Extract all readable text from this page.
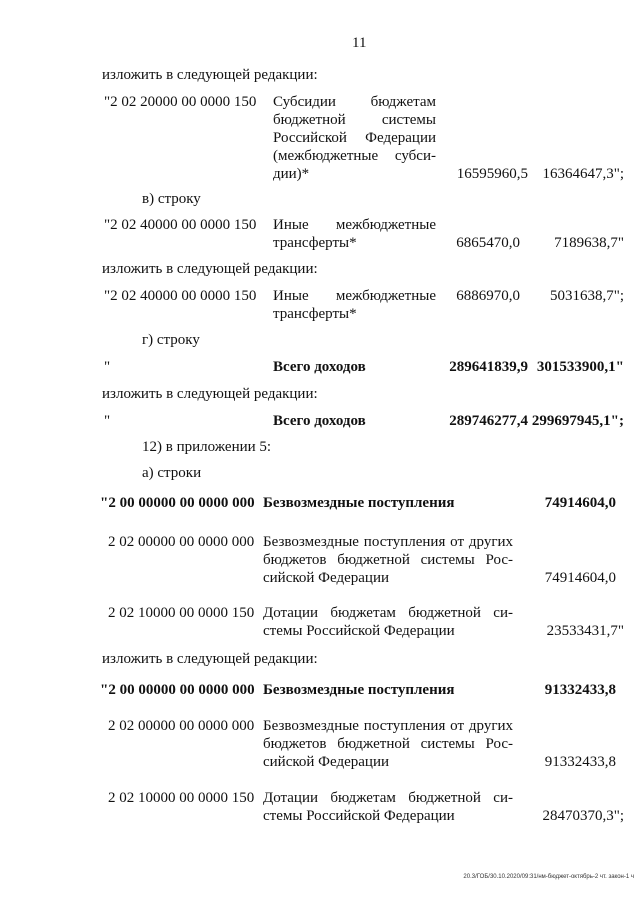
11
изложить в следующей редакции:
"2 02 20000 00 0000 150 Субсидии бюджетам бюджетной системы Российской Федерации (межбюджетные субси-
дии)*	16595960,5 16364647,3";
в) строку
"2 02 40000 00 0000 150 Иные межбюджетные
трансферты*	6865470,0 7189638,7"
изложить в следующей редакции:
"2 02 40000 00 0000 150 Иные межбюджетные
трансферты*
6886970,0 5031638,7";
г) строку
"	Всего доходов	289641839,9 301533900,1"
изложить в следующей редакции:
"	Всего доходов	289746277,4 299697945,1";
12) в приложении 5:
а) строки
"2 00 00000 00 0000 000 Безвозмездные поступления	74914604,0
2 02 00000 00 0000 000 Безвозмездные поступления от других бюджетов бюджетной системы Рос-
сийской Федерации	74914604,0
2 02 10000 00 0000 150 Дотации бюджетам бюджетной си-
стемы Российской Федерации	23533431,7"
изложить в следующей редакции:
"2 00 00000 00 0000 000 Безвозмездные поступления	91332433,8
2 02 00000 00 0000 000 Безвозмездные поступления от других бюджетов бюджетной системы Рос-
сийской Федерации	91332433,8
2 02 10000 00 0000 150 Дотации бюджетам бюджетной си-
стемы Российской Федерации	28470370,3";
20.3/ГОБ/30.10.2020/09:31/нм-бюджет-октябрь-2 чт. закон-1 ч
